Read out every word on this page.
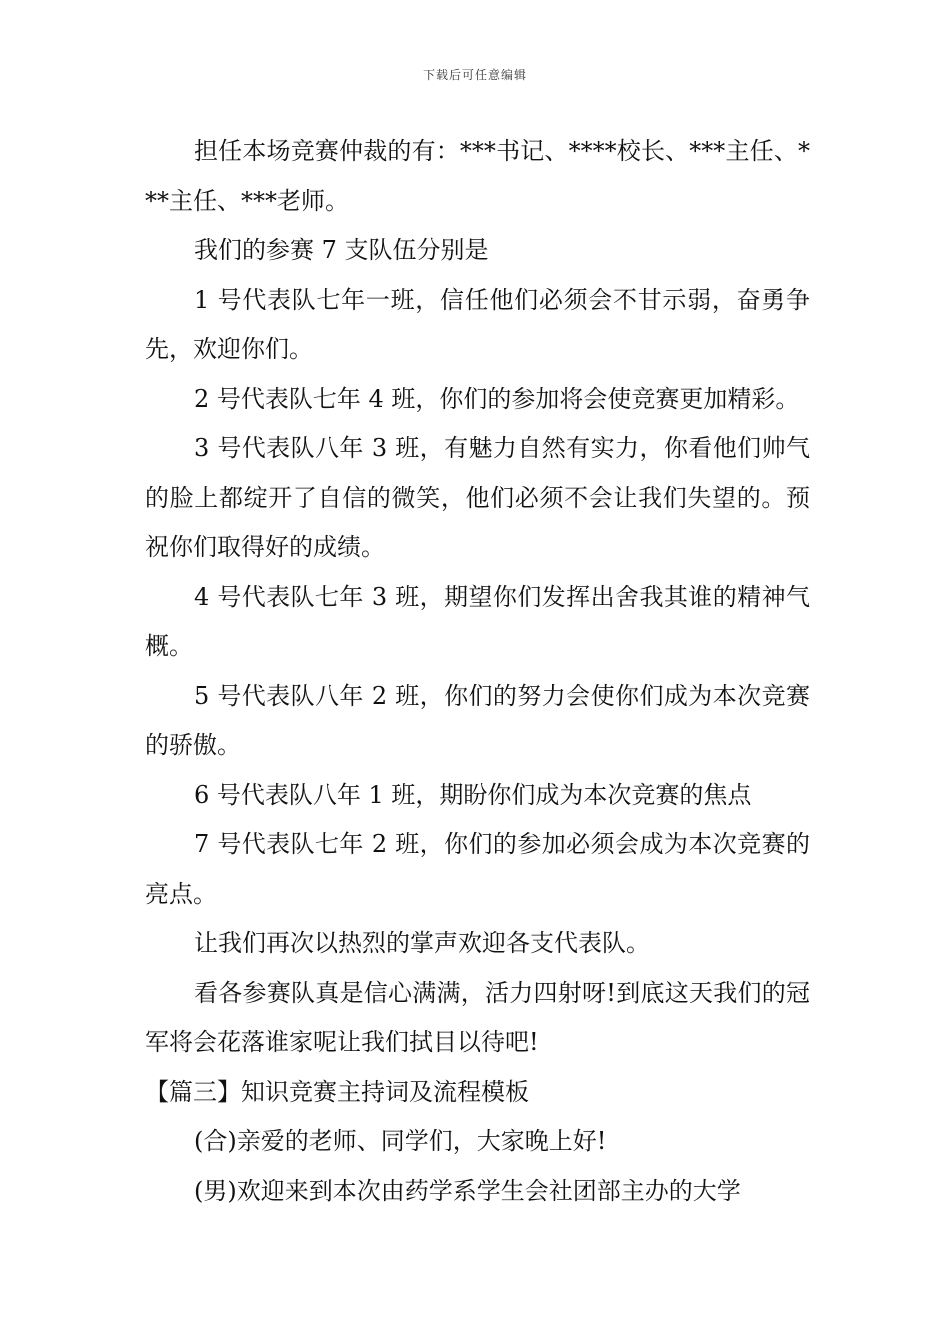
下载后可任意编辑

担任本场竞赛仲裁的有：***书记、****校长、***主任、***主任、***老师。

我们的参赛 7 支队伍分别是

1 号代表队七年一班，信任他们必须会不甘示弱，奋勇争先，欢迎你们。

2 号代表队七年 4 班，你们的参加将会使竞赛更加精彩。

3 号代表队八年 3 班，有魅力自然有实力，你看他们帅气的脸上都绽开了自信的微笑，他们必须不会让我们失望的。预祝你们取得好的成绩。

4 号代表队七年 3 班，期望你们发挥出舍我其谁的精神气概。

5 号代表队八年 2 班，你们的努力会使你们成为本次竞赛的骄傲。

6 号代表队八年 1 班，期盼你们成为本次竞赛的焦点

7 号代表队七年 2 班，你们的参加必须会成为本次竞赛的亮点。

让我们再次以热烈的掌声欢迎各支代表队。

看各参赛队真是信心满满，活力四射呀!到底这天我们的冠军将会花落谁家呢让我们拭目以待吧!

【篇三】知识竞赛主持词及流程模板

(合)亲爱的老师、同学们，大家晚上好!

(男)欢迎来到本次由药学系学生会社团部主办的大学
